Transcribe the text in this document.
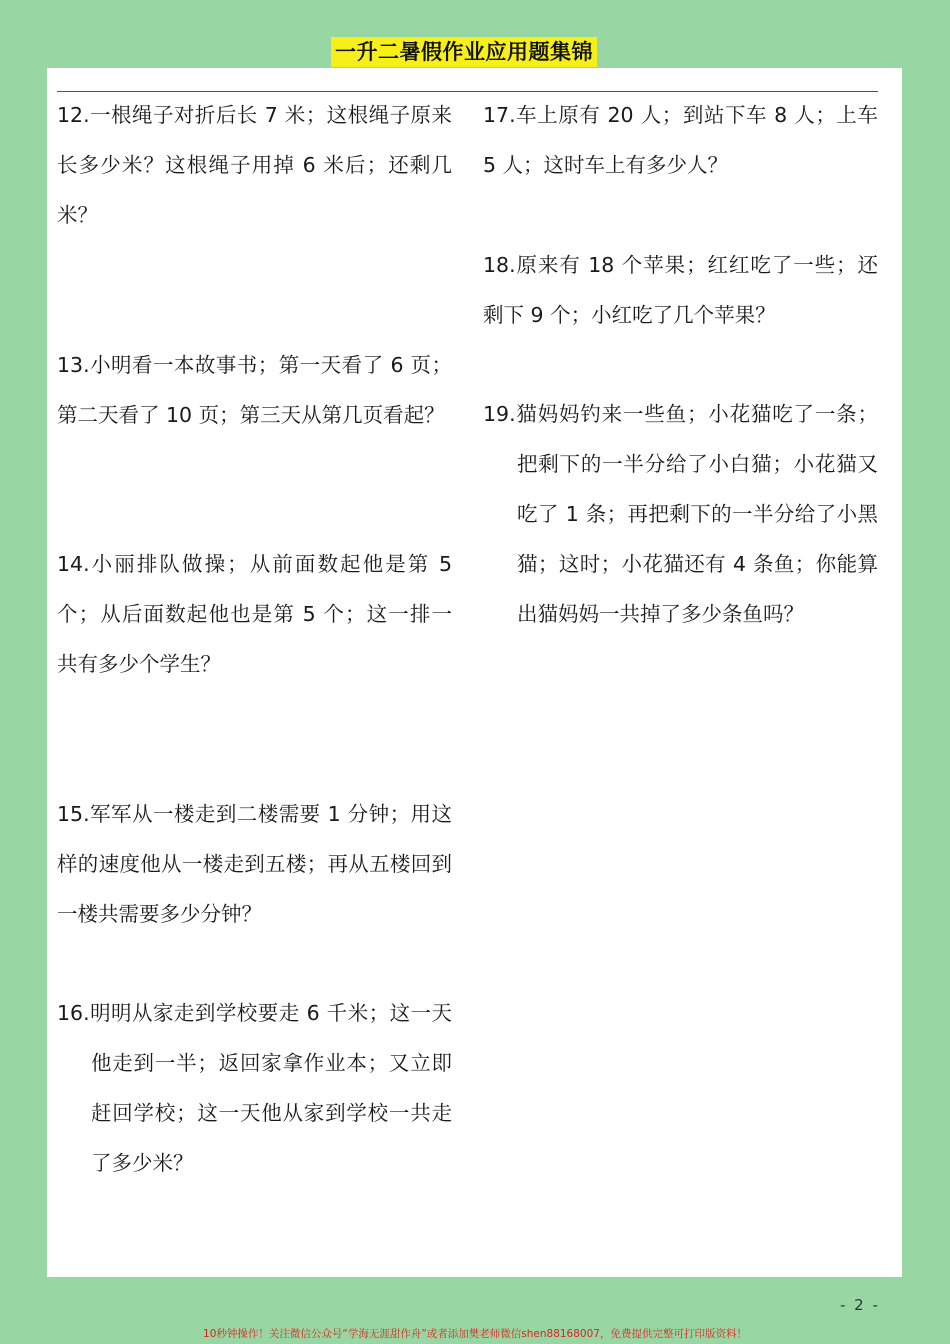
一升二暑假作业应用题集锦
12.一根绳子对折后长 7 米；这根绳子原来长多少米？这根绳子用掉 6 米后；还剩几米？
13.小明看一本故事书；第一天看了 6 页；第二天看了 10 页；第三天从第几页看起？
14.小丽排队做操；从前面数起他是第 5 个；从后面数起他也是第 5 个；这一排一共有多少个学生？
15.军军从一楼走到二楼需要 1 分钟；用这样的速度他从一楼走到五楼；再从五楼回到一楼共需要多少分钟？
16.明明从家走到学校要走 6 千米；这一天他走到一半；返回家拿作业本；又立即赶回学校；这一天他从家到学校一共走了多少米？
17.车上原有 20 人；到站下车 8 人；上车 5 人；这时车上有多少人？
18.原来有 18 个苹果；红红吃了一些；还剩下 9 个；小红吃了几个苹果？
19.猫妈妈钓来一些鱼；小花猫吃了一条；把剩下的一半分给了小白猫；小花猫又吃了 1 条；再把剩下的一半分给了小黑猫；这时；小花猫还有 4 条鱼；你能算出猫妈妈一共掉了多少条鱼吗？
- 2 -
10秒钟操作！关注微信公众号“学海无涯甜作舟”或者添加樊老师微信shen88168007，免费提供完整可打印版资料！
